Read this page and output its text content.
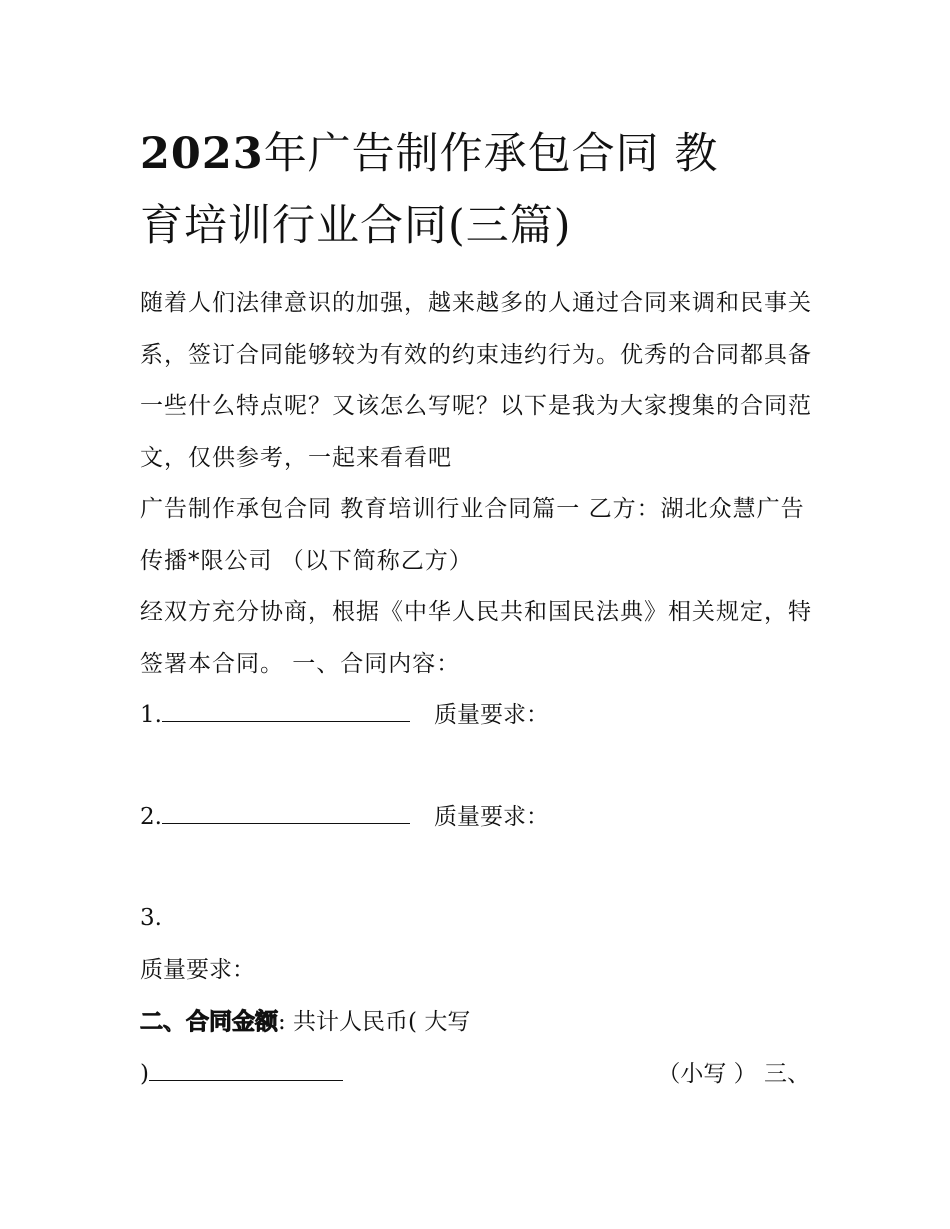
2023年广告制作承包合同 教
育培训行业合同(三篇)

随着人们法律意识的加强，越来越多的人通过合同来调和民事关系，签订合同能够较为有效的约束违约行为。优秀的合同都具备一些什么特点呢？又该怎么写呢？以下是我为大家搜集的合同范文，仅供参考，一起来看看吧

广告制作承包合同 教育培训行业合同篇一 乙方：湖北众慧广告传播*限公司 （以下简称乙方）

经双方充分协商，根据《中华人民共和国民法典》相关规定，特签署本合同。 一、合同内容：

1.	质量要求：

2.	质量要求：

3.

质量要求：

二、合同金额: 共计人民币( 大写

)	（小写 ） 三、
